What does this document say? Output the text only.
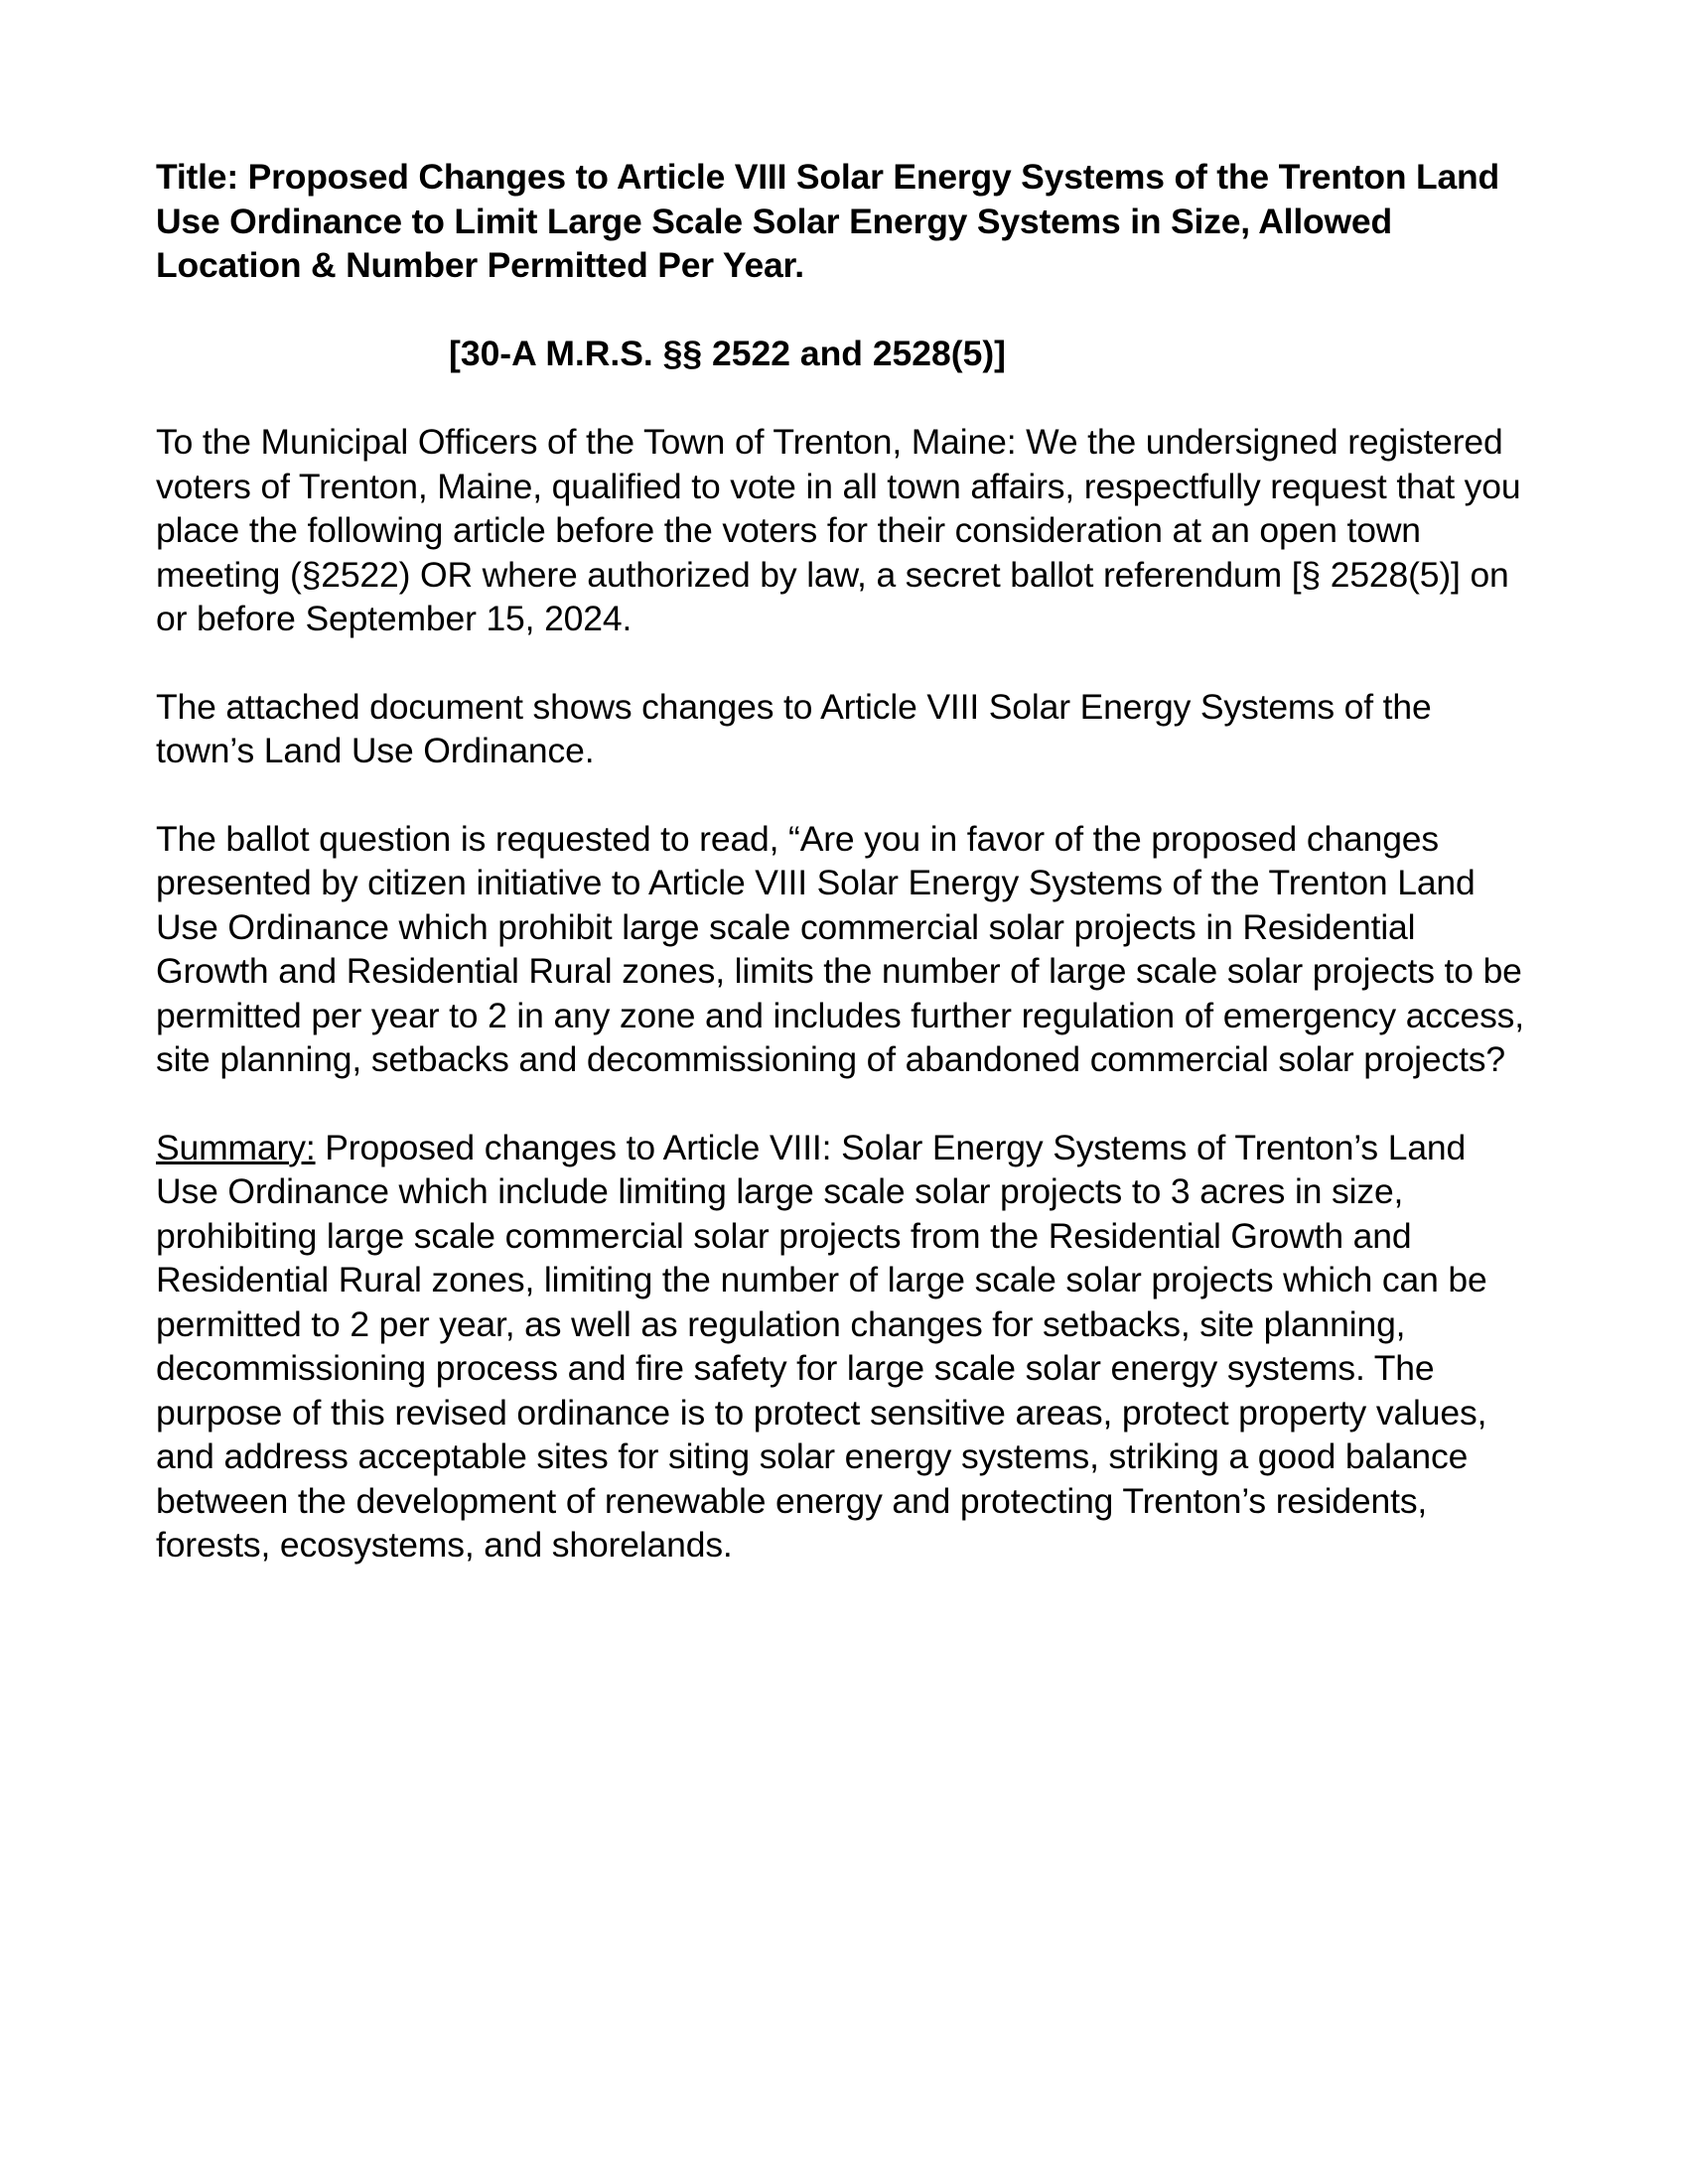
Title: Proposed Changes to Article VIII Solar Energy Systems of the Trenton Land Use Ordinance to Limit Large Scale Solar Energy Systems in Size, Allowed Location & Number Permitted Per Year.

[30-A M.R.S. §§ 2522 and 2528(5)]

To the Municipal Officers of the Town of Trenton, Maine: We the undersigned registered voters of Trenton, Maine, qualified to vote in all town affairs, respectfully request that you place the following article before the voters for their consideration at an open town meeting (§2522) OR where authorized by law, a secret ballot referendum [§ 2528(5)] on or before September 15, 2024.

The attached document shows changes to Article VIII Solar Energy Systems of the town’s Land Use Ordinance.

The ballot question is requested to read, “Are you in favor of the proposed changes presented by citizen initiative to Article VIII Solar Energy Systems of the Trenton Land Use Ordinance which prohibit large scale commercial solar projects in Residential Growth and Residential Rural zones, limits the number of large scale solar projects to be permitted per year to 2 in any zone and includes further regulation of emergency access, site planning, setbacks and decommissioning of abandoned commercial solar projects?

Summary: Proposed changes to Article VIII: Solar Energy Systems of Trenton’s Land Use Ordinance which include limiting large scale solar projects to 3 acres in size, prohibiting large scale commercial solar projects from the Residential Growth and Residential Rural zones, limiting the number of large scale solar projects which can be permitted to 2 per year, as well as regulation changes for setbacks, site planning, decommissioning process and fire safety for large scale solar energy systems. The purpose of this revised ordinance is to protect sensitive areas, protect property values, and address acceptable sites for siting solar energy systems, striking a good balance between the development of renewable energy and protecting Trenton’s residents, forests, ecosystems, and shorelands.
